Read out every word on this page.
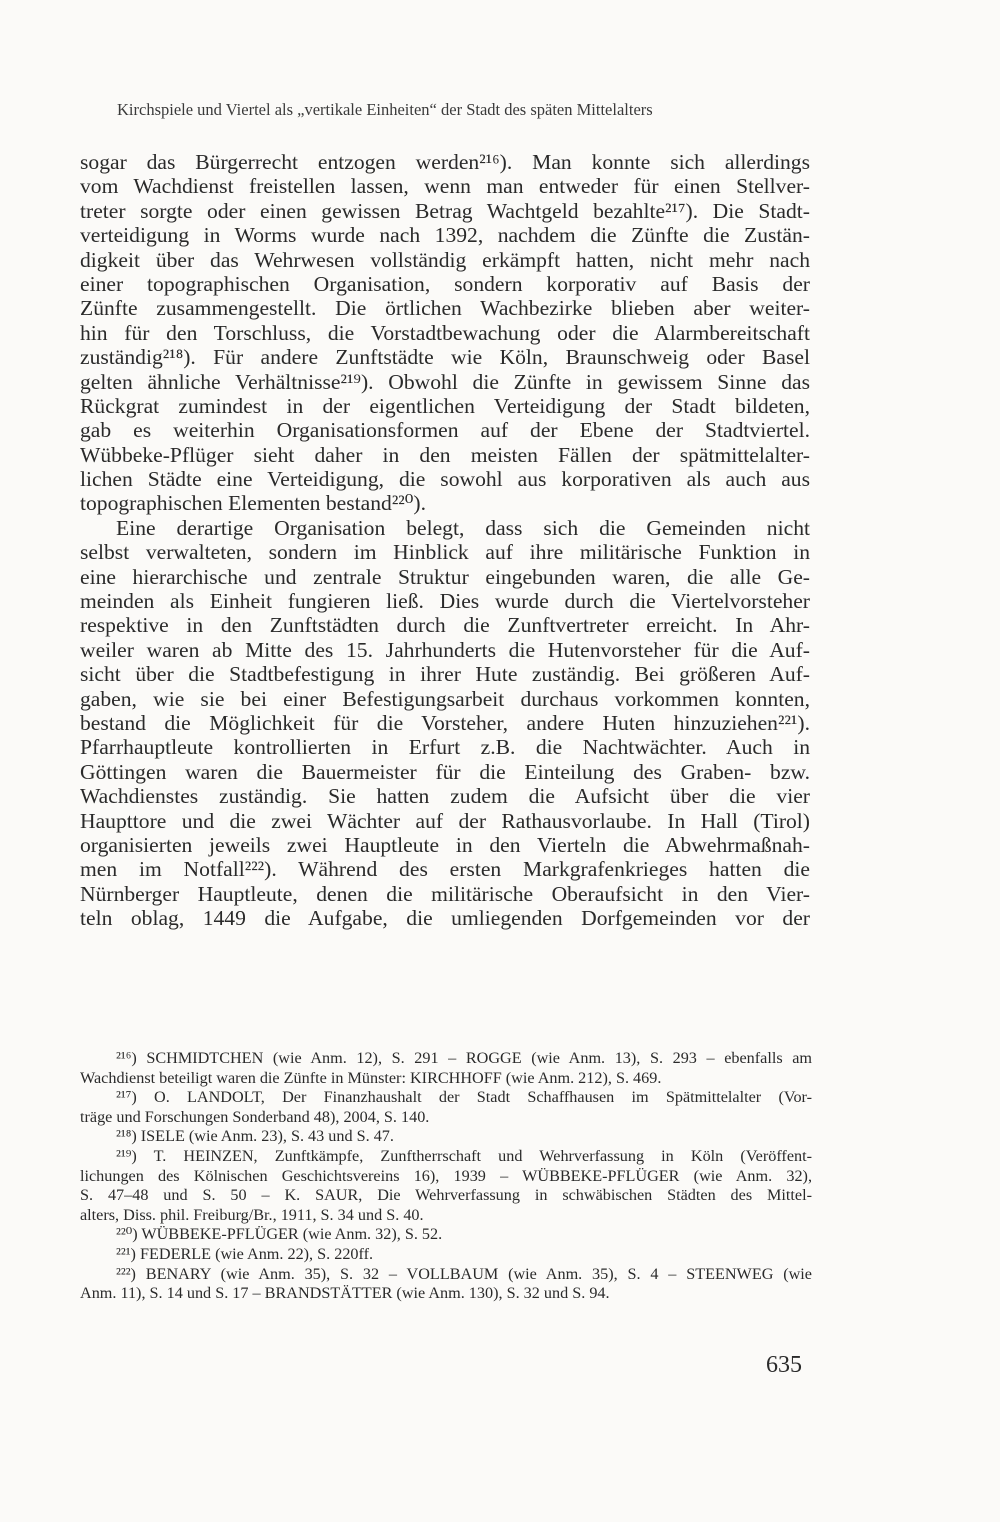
Kirchspiele und Viertel als „vertikale Einheiten“ der Stadt des späten Mittelalters
sogar das Bürgerrecht entzogen werden²¹⁶). Man konnte sich allerdings
vom Wachdienst freistellen lassen, wenn man entweder für einen Stellver-
treter sorgte oder einen gewissen Betrag Wachtgeld bezahlte²¹⁷). Die Stadt-
verteidigung in Worms wurde nach 1392, nachdem die Zünfte die Zustän-
digkeit über das Wehrwesen vollständig erkämpft hatten, nicht mehr nach
einer topographischen Organisation, sondern korporativ auf Basis der
Zünfte zusammengestellt. Die örtlichen Wachbezirke blieben aber weiter-
hin für den Torschluss, die Vorstadtbewachung oder die Alarmbereitschaft
zuständig²¹⁸). Für andere Zunftstädte wie Köln, Braunschweig oder Basel
gelten ähnliche Verhältnisse²¹⁹). Obwohl die Zünfte in gewissem Sinne das
Rückgrat zumindest in der eigentlichen Verteidigung der Stadt bildeten,
gab es weiterhin Organisationsformen auf der Ebene der Stadtviertel.
Wübbeke-Pflüger sieht daher in den meisten Fällen der spätmittelalter-
lichen Städte eine Verteidigung, die sowohl aus korporativen als auch aus
topographischen Elementen bestand²²⁰).
Eine derartige Organisation belegt, dass sich die Gemeinden nicht
selbst verwalteten, sondern im Hinblick auf ihre militärische Funktion in
eine hierarchische und zentrale Struktur eingebunden waren, die alle Ge-
meinden als Einheit fungieren ließ. Dies wurde durch die Viertelvorsteher
respektive in den Zunftstädten durch die Zunftvertreter erreicht. In Ahr-
weiler waren ab Mitte des 15. Jahrhunderts die Hutenvorsteher für die Auf-
sicht über die Stadtbefestigung in ihrer Hute zuständig. Bei größeren Auf-
gaben, wie sie bei einer Befestigungsarbeit durchaus vorkommen konnten,
bestand die Möglichkeit für die Vorsteher, andere Huten hinzuziehen²²¹).
Pfarrhauptleute kontrollierten in Erfurt z.B. die Nachtwächter. Auch in
Göttingen waren die Bauermeister für die Einteilung des Graben- bzw.
Wachdienstes zuständig. Sie hatten zudem die Aufsicht über die vier
Haupttore und die zwei Wächter auf der Rathausvorlaube. In Hall (Tirol)
organisierten jeweils zwei Hauptleute in den Vierteln die Abwehrmaßnah-
men im Notfall²²²). Während des ersten Markgrafenkrieges hatten die
Nürnberger Hauptleute, denen die militärische Oberaufsicht in den Vier-
teln oblag, 1449 die Aufgabe, die umliegenden Dorfgemeinden vor der
²¹⁶) SCHMIDTCHEN (wie Anm. 12), S. 291 – ROGGE (wie Anm. 13), S. 293 – ebenfalls am
Wachdienst beteiligt waren die Zünfte in Münster: KIRCHHOFF (wie Anm. 212), S. 469.
²¹⁷) O. LANDOLT, Der Finanzhaushalt der Stadt Schaffhausen im Spätmittelalter (Vor-
träge und Forschungen Sonderband 48), 2004, S. 140.
²¹⁸) ISELE (wie Anm. 23), S. 43 und S. 47.
²¹⁹) T. HEINZEN, Zunftkämpfe, Zunftherrschaft und Wehrverfassung in Köln (Veröffent-
lichungen des Kölnischen Geschichtsvereins 16), 1939 – WÜBBEKE-PFLÜGER (wie Anm. 32),
S. 47–48 und S. 50 – K. SAUR, Die Wehrverfassung in schwäbischen Städten des Mittel-
alters, Diss. phil. Freiburg/Br., 1911, S. 34 und S. 40.
²²⁰) WÜBBEKE-PFLÜGER (wie Anm. 32), S. 52.
²²¹) FEDERLE (wie Anm. 22), S. 220ff.
²²²) BENARY (wie Anm. 35), S. 32 – VOLLBAUM (wie Anm. 35), S. 4 – STEENWEG (wie
Anm. 11), S. 14 und S. 17 – BRANDSTÄTTER (wie Anm. 130), S. 32 und S. 94.
635
